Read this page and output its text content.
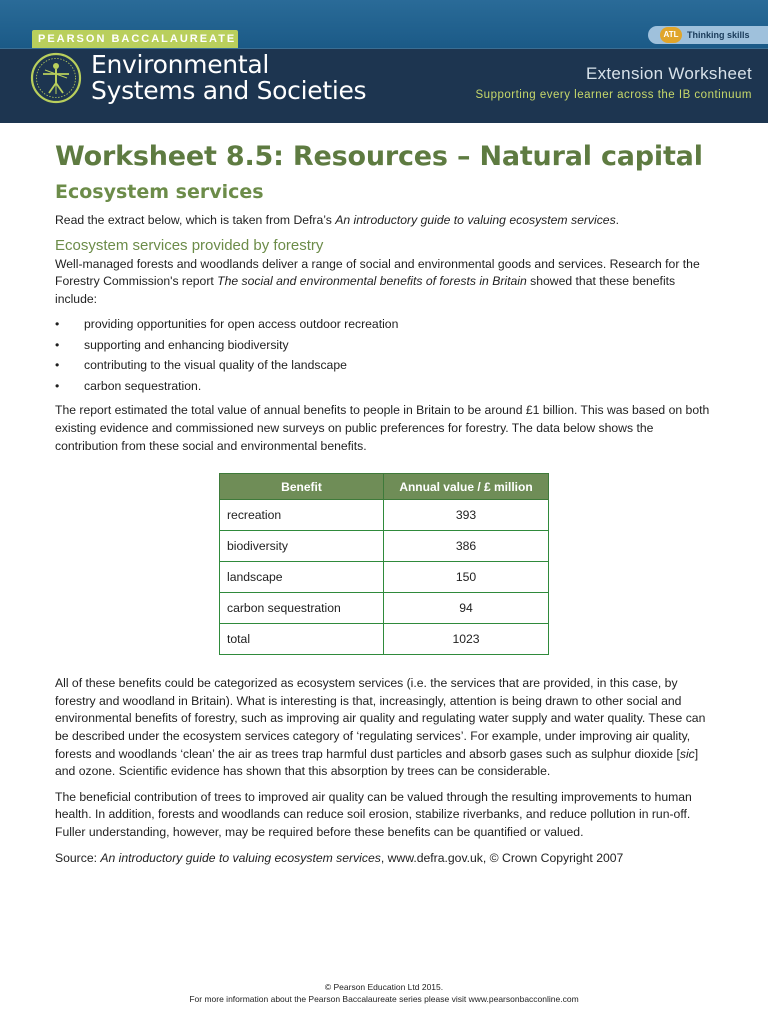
PEARSON BACCALAUREATE
Environmental
Systems and Societies
ATL Thinking skills
Extension Worksheet
Supporting every learner across the IB continuum
Worksheet 8.5: Resources – Natural capital
Ecosystem services

Read the extract below, which is taken from Defra’s An introductory guide to valuing ecosystem services.

Ecosystem services provided by forestry

Well-managed forests and woodlands deliver a range of social and environmental goods and services. Research for the Forestry Commission's report The social and environmental benefits of forests in Britain showed that these benefits include:

• providing opportunities for open access outdoor recreation
• supporting and enhancing biodiversity
• contributing to the visual quality of the landscape
• carbon sequestration.

The report estimated the total value of annual benefits to people in Britain to be around £1 billion. This was based on both existing evidence and commissioned new surveys on public preferences for forestry. The data below shows the contribution from these social and environmental benefits.

Benefit	Annual value / £ million
recreation	393
biodiversity	386
landscape	150
carbon sequestration	94
total	1023

All of these benefits could be categorized as ecosystem services (i.e. the services that are provided, in this case, by forestry and woodland in Britain). What is interesting is that, increasingly, attention is being drawn to other social and environmental benefits of forestry, such as improving air quality and regulating water supply and water quality. These can be described under the ecosystem services category of ‘regulating services’. For example, under improving air quality, forests and woodlands ‘clean’ the air as trees trap harmful dust particles and absorb gases such as sulphur dioxide [sic] and ozone. Scientific evidence has shown that this absorption by trees can be considerable.

The beneficial contribution of trees to improved air quality can be valued through the resulting improvements to human health. In addition, forests and woodlands can reduce soil erosion, stabilize riverbanks, and reduce pollution in run-off. Fuller understanding, however, may be required before these benefits can be quantified or valued.

Source: An introductory guide to valuing ecosystem services, www.defra.gov.uk, © Crown Copyright 2007

© Pearson Education Ltd 2015.
For more information about the Pearson Baccalaureate series please visit www.pearsonbacconline.com
